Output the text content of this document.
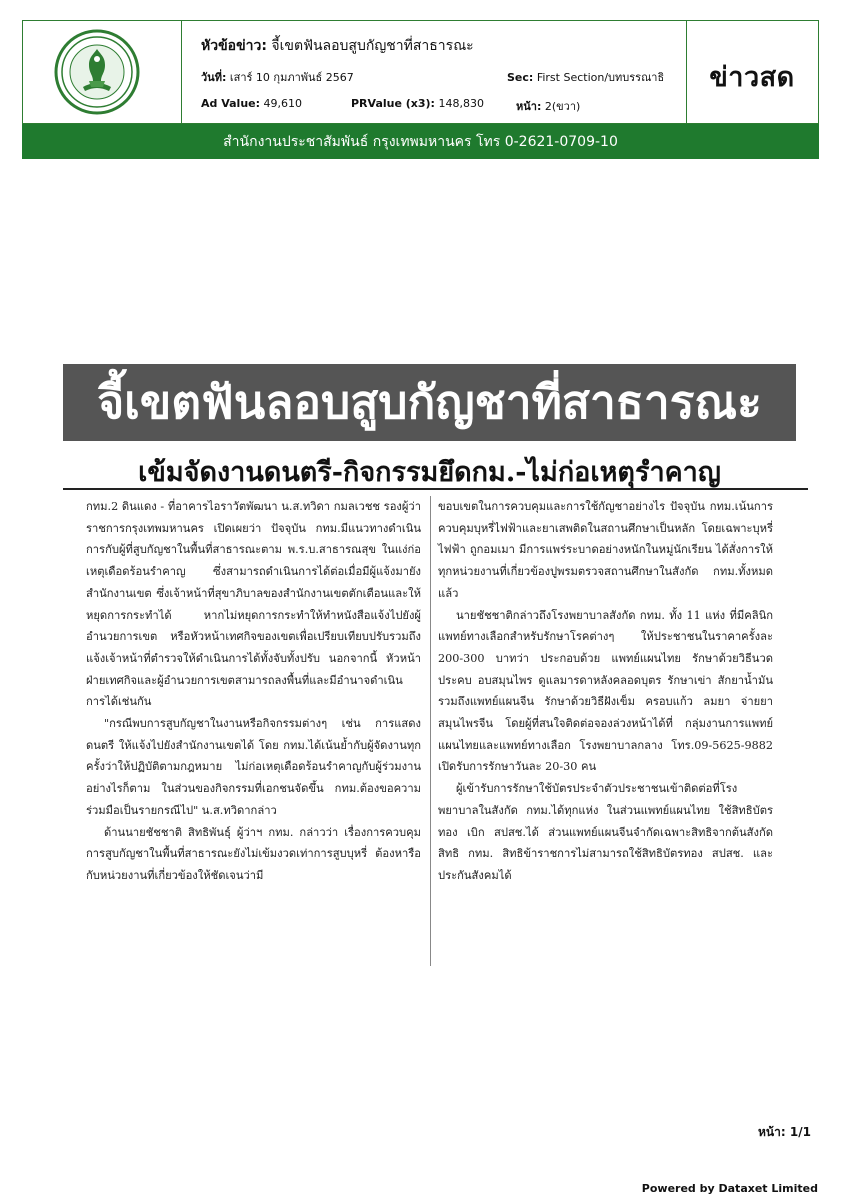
หัวข้อข่าว: จี้เขตฟันลอบสูบกัญชาที่สาธารณะ
วันที่: เสาร์ 10 กุมภาพันธ์ 2567	Sec: First Section/บทบรรณาธิ
Ad Value: 49,610	PRValue (x3): 148,830	หน้า: 2(ขวา)
ข่าวสด
สำนักงานประชาสัมพันธ์ กรุงเทพมหานคร โทร 0-2621-0709-10
จี้เขตฟันลอบสูบกัญชาที่สาธารณะ
เข้มจัดงานดนตรี-กิจกรรมยึดกม.-ไม่ก่อเหตุรำคาญ

กทม.2 ดินแดง - ที่อาคารไอราวัตพัฒนา น.ส.ทวิดา กมลเวชช รองผู้ว่าราชการกรุงเทพมหานคร เปิดเผยว่า ปัจจุบัน กทม.มีแนวทางดำเนินการกับผู้ที่สูบกัญชาในพื้นที่สาธารณะตาม พ.ร.บ.สาธารณสุข ในแง่ก่อเหตุเดือดร้อนรำคาญ ซึ่งสามารถดำเนินการได้ต่อเมื่อมีผู้แจ้งมายังสำนักงานเขต ซึ่งเจ้าหน้าที่สุขาภิบาลของสำนักงานเขตตักเตือนและให้หยุดการกระทำได้ หากไม่หยุดการกระทำให้ทำหนังสือแจ้งไปยังผู้อำนวยการเขต หรือหัวหน้าเทศกิจของเขตเพื่อเปรียบเทียบปรับรวมถึงแจ้งเจ้าหน้าที่ตำรวจให้ดำเนินการได้ทั้งจับทั้งปรับ นอกจากนี้ หัวหน้าฝ่ายเทศกิจและผู้อำนวยการเขตสามารถลงพื้นที่และมีอำนาจดำเนินการได้เช่นกัน

"กรณีพบการสูบกัญชาในงานหรือกิจกรรมต่างๆ เช่น การแสดงดนตรี ให้แจ้งไปยังสำนักงานเขตได้ โดย กทม.ได้เน้นย้ำกับผู้จัดงานทุกครั้งว่าให้ปฏิบัติตามกฎหมาย ไม่ก่อเหตุเดือดร้อนรำคาญกับผู้ร่วมงาน อย่างไรก็ตาม ในส่วนของกิจกรรมที่เอกชนจัดขึ้น กทม.ต้องขอความร่วมมือเป็นรายกรณีไป" น.ส.ทวิดากล่าว

ด้านนายชัชชาติ สิทธิพันธุ์ ผู้ว่าฯ กทม. กล่าวว่า เรื่องการควบคุมการสูบกัญชาในพื้นที่สาธารณะยังไม่เข้มงวดเท่าการสูบบุหรี่ ต้องหารือกับหน่วยงานที่เกี่ยวข้องให้ชัดเจนว่ามี

ขอบเขตในการควบคุมและการใช้กัญชาอย่างไร ปัจจุบัน กทม.เน้นการควบคุมบุหรี่ไฟฟ้าและยาเสพติดในสถานศึกษาเป็นหลัก โดยเฉพาะบุหรี่ไฟฟ้า ถูกอมเมา มีการแพร่ระบาดอย่างหนักในหมู่นักเรียน ได้สั่งการให้ทุกหน่วยงานที่เกี่ยวข้องปูพรมตรวจสถานศึกษาในสังกัด กทม.ทั้งหมดแล้ว

นายชัชชาติกล่าวถึงโรงพยาบาลสังกัด กทม. ทั้ง 11 แห่ง ที่มีคลินิกแพทย์ทางเลือกสำหรับรักษาโรคต่างๆ ให้ประชาชนในราคาครั้งละ 200-300 บาทว่า ประกอบด้วย แพทย์แผนไทย รักษาด้วยวิธีนวด ประคบ อบสมุนไพร ดูแลมารดาหลังคลอดบุตร รักษาเข่า สักยาน้ำมัน รวมถึงแพทย์แผนจีน รักษาด้วยวิธีฝังเข็ม ครอบแก้ว ลมยา จ่ายยาสมุนไพรจีน โดยผู้ที่สนใจติดต่อจองล่วงหน้าได้ที่ กลุ่มงานการแพทย์แผนไทยและแพทย์ทางเลือก โรงพยาบาลกลาง โทร.09-5625-9882 เปิดรับการรักษาวันละ 20-30 คน

ผู้เข้ารับการรักษาใช้บัตรประจำตัวประชาชนเข้าติดต่อที่โรงพยาบาลในสังกัด กทม.ได้ทุกแห่ง ในส่วนแพทย์แผนไทย ใช้สิทธิบัตรทอง เบิก สปสช.ได้ ส่วนแพทย์แผนจีนจำกัดเฉพาะสิทธิจากต้นสังกัด สิทธิ กทม. สิทธิข้าราชการไม่สามารถใช้สิทธิบัตรทอง สปสช. และประกันสังคมได้

หน้า: 1/1
Powered by Dataxet Limited
